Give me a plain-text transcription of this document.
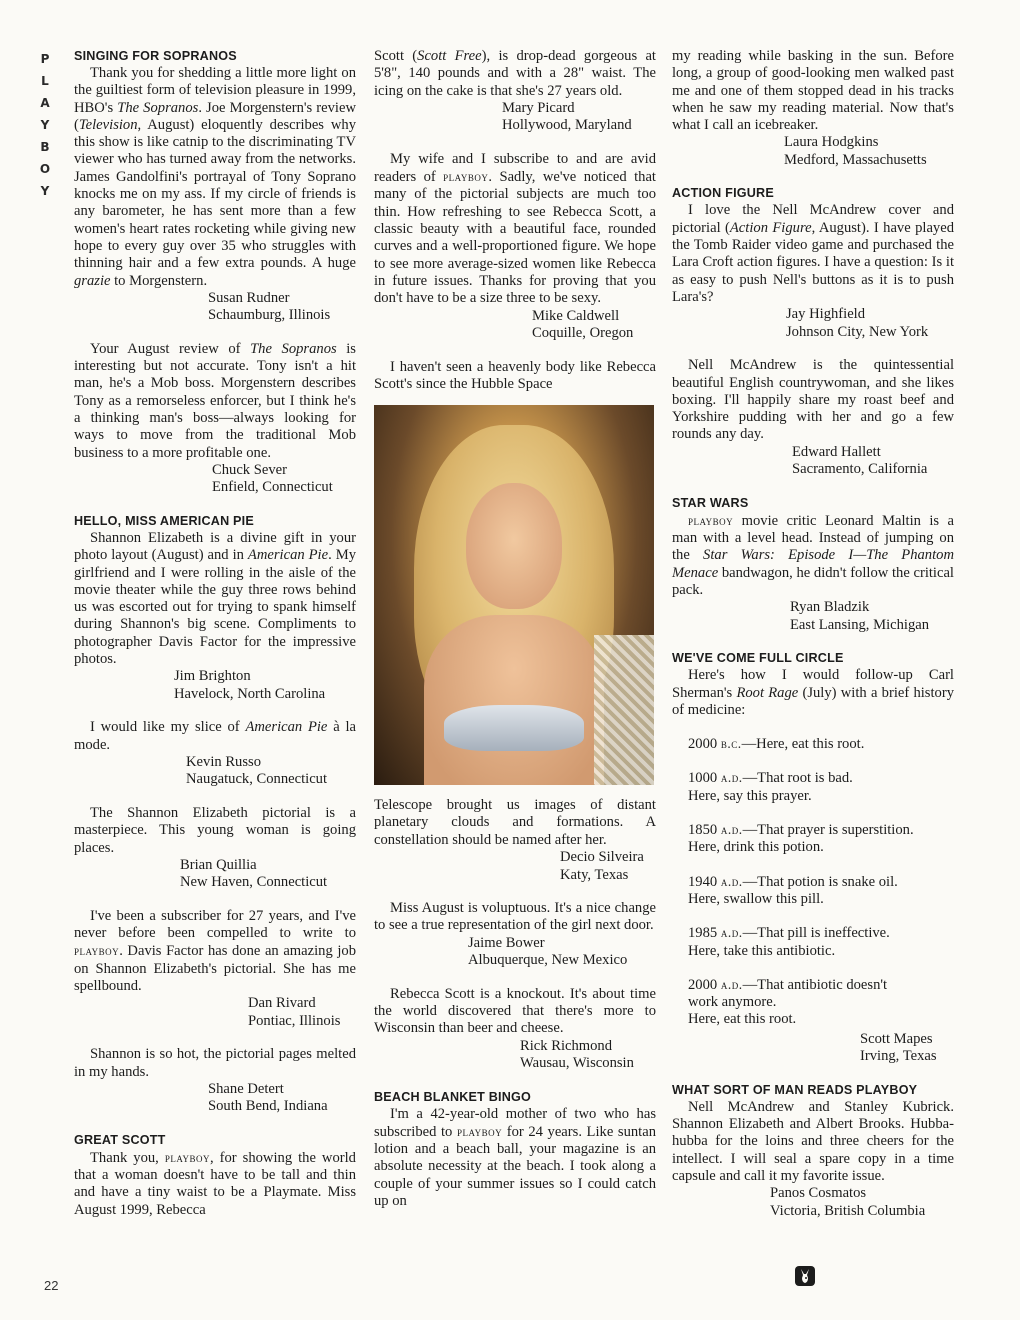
P
L
A
Y
B
O
Y
22
SINGING FOR SOPRANOS

Thank you for shedding a little more light on the guiltiest form of television pleasure in 1999, HBO's The Sopranos. Joe Morgenstern's review (Television, August) eloquently describes why this show is like catnip to the discriminating TV viewer who has turned away from the networks. James Gandolfini's portrayal of Tony Soprano knocks me on my ass. If my circle of friends is any barometer, he has sent more than a few women's heart rates rocketing while giving new hope to every guy over 35 who struggles with thinning hair and a few extra pounds. A huge grazie to Morgenstern.

Susan Rudner
Schaumburg, Illinois

Your August review of The Sopranos is interesting but not accurate. Tony isn't a hit man, he's a Mob boss. Morgenstern describes Tony as a remorseless enforcer, but I think he's a thinking man's boss—always looking for ways to move from the traditional Mob business to a more profitable one.

Chuck Sever
Enfield, Connecticut
HELLO, MISS AMERICAN PIE

Shannon Elizabeth is a divine gift in your photo layout (August) and in American Pie. My girlfriend and I were rolling in the aisle of the movie theater while the guy three rows behind us was escorted out for trying to spank himself during Shannon's big scene. Compliments to photographer Davis Factor for the impressive photos.

Jim Brighton
Havelock, North Carolina

I would like my slice of American Pie à la mode.

Kevin Russo
Naugatuck, Connecticut

The Shannon Elizabeth pictorial is a masterpiece. This young woman is going places.

Brian Quillia
New Haven, Connecticut

I've been a subscriber for 27 years, and I've never before been compelled to write to playboy. Davis Factor has done an amazing job on Shannon Elizabeth's pictorial. She has me spellbound.

Dan Rivard
Pontiac, Illinois

Shannon is so hot, the pictorial pages melted in my hands.

Shane Detert
South Bend, Indiana
GREAT SCOTT

Thank you, playboy, for showing the world that a woman doesn't have to be tall and thin and have a tiny waist to be a Playmate. Miss August 1999, Rebecca

Scott (Scott Free), is drop-dead gorgeous at 5'8", 140 pounds and with a 28" waist. The icing on the cake is that she's 27 years old.

Mary Picard
Hollywood, Maryland

My wife and I subscribe to and are avid readers of playboy. Sadly, we've noticed that many of the pictorial subjects are much too thin. How refreshing to see Rebecca Scott, a classic beauty with a beautiful face, rounded curves and a well-proportioned figure. We hope to see more average-sized women like Rebecca in future issues. Thanks for proving that you don't have to be a size three to be sexy.

Mike Caldwell
Coquille, Oregon

I haven't seen a heavenly body like Rebecca Scott's since the Hubble Space

Telescope brought us images of distant planetary clouds and formations. A constellation should be named after her.

Decio Silveira
Katy, Texas

Miss August is voluptuous. It's a nice change to see a true representation of the girl next door.

Jaime Bower
Albuquerque, New Mexico

Rebecca Scott is a knockout. It's about time the world discovered that there's more to Wisconsin than beer and cheese.

Rick Richmond
Wausau, Wisconsin
BEACH BLANKET BINGO

I'm a 42-year-old mother of two who has subscribed to playboy for 24 years. Like suntan lotion and a beach ball, your magazine is an absolute necessity at the beach. I took along a couple of your summer issues so I could catch up on

my reading while basking in the sun. Before long, a group of good-looking men walked past me and one of them stopped dead in his tracks when he saw my reading material. Now that's what I call an icebreaker.

Laura Hodgkins
Medford, Massachusetts
ACTION FIGURE

I love the Nell McAndrew cover and pictorial (Action Figure, August). I have played the Tomb Raider video game and purchased the Lara Croft action figures. I have a question: Is it as easy to push Nell's buttons as it is to push Lara's?

Jay Highfield
Johnson City, New York

Nell McAndrew is the quintessential beautiful English countrywoman, and she likes boxing. I'll happily share my roast beef and Yorkshire pudding with her and go a few rounds any day.

Edward Hallett
Sacramento, California
STAR WARS

playboy movie critic Leonard Maltin is a man with a level head. Instead of jumping on the Star Wars: Episode I—The Phantom Menace bandwagon, he didn't follow the critical pack.

Ryan Bladzik
East Lansing, Michigan
WE'VE COME FULL CIRCLE

Here's how I would follow-up Carl Sherman's Root Rage (July) with a brief history of medicine:

2000 b.c.—Here, eat this root.
1000 a.d.—That root is bad.
Here, say this prayer.
1850 a.d.—That prayer is superstition.
Here, drink this potion.
1940 a.d.—That potion is snake oil.
Here, swallow this pill.
1985 a.d.—That pill is ineffective.
Here, take this antibiotic.
2000 a.d.—That antibiotic doesn't
work anymore.
Here, eat this root.
Scott Mapes
Irving, Texas
WHAT SORT OF MAN READS PLAYBOY

Nell McAndrew and Stanley Kubrick. Shannon Elizabeth and Albert Brooks. Hubba-hubba for the loins and three cheers for the intellect. I will seal a spare copy in a time capsule and call it my favorite issue.

Panos Cosmatos
Victoria, British Columbia
